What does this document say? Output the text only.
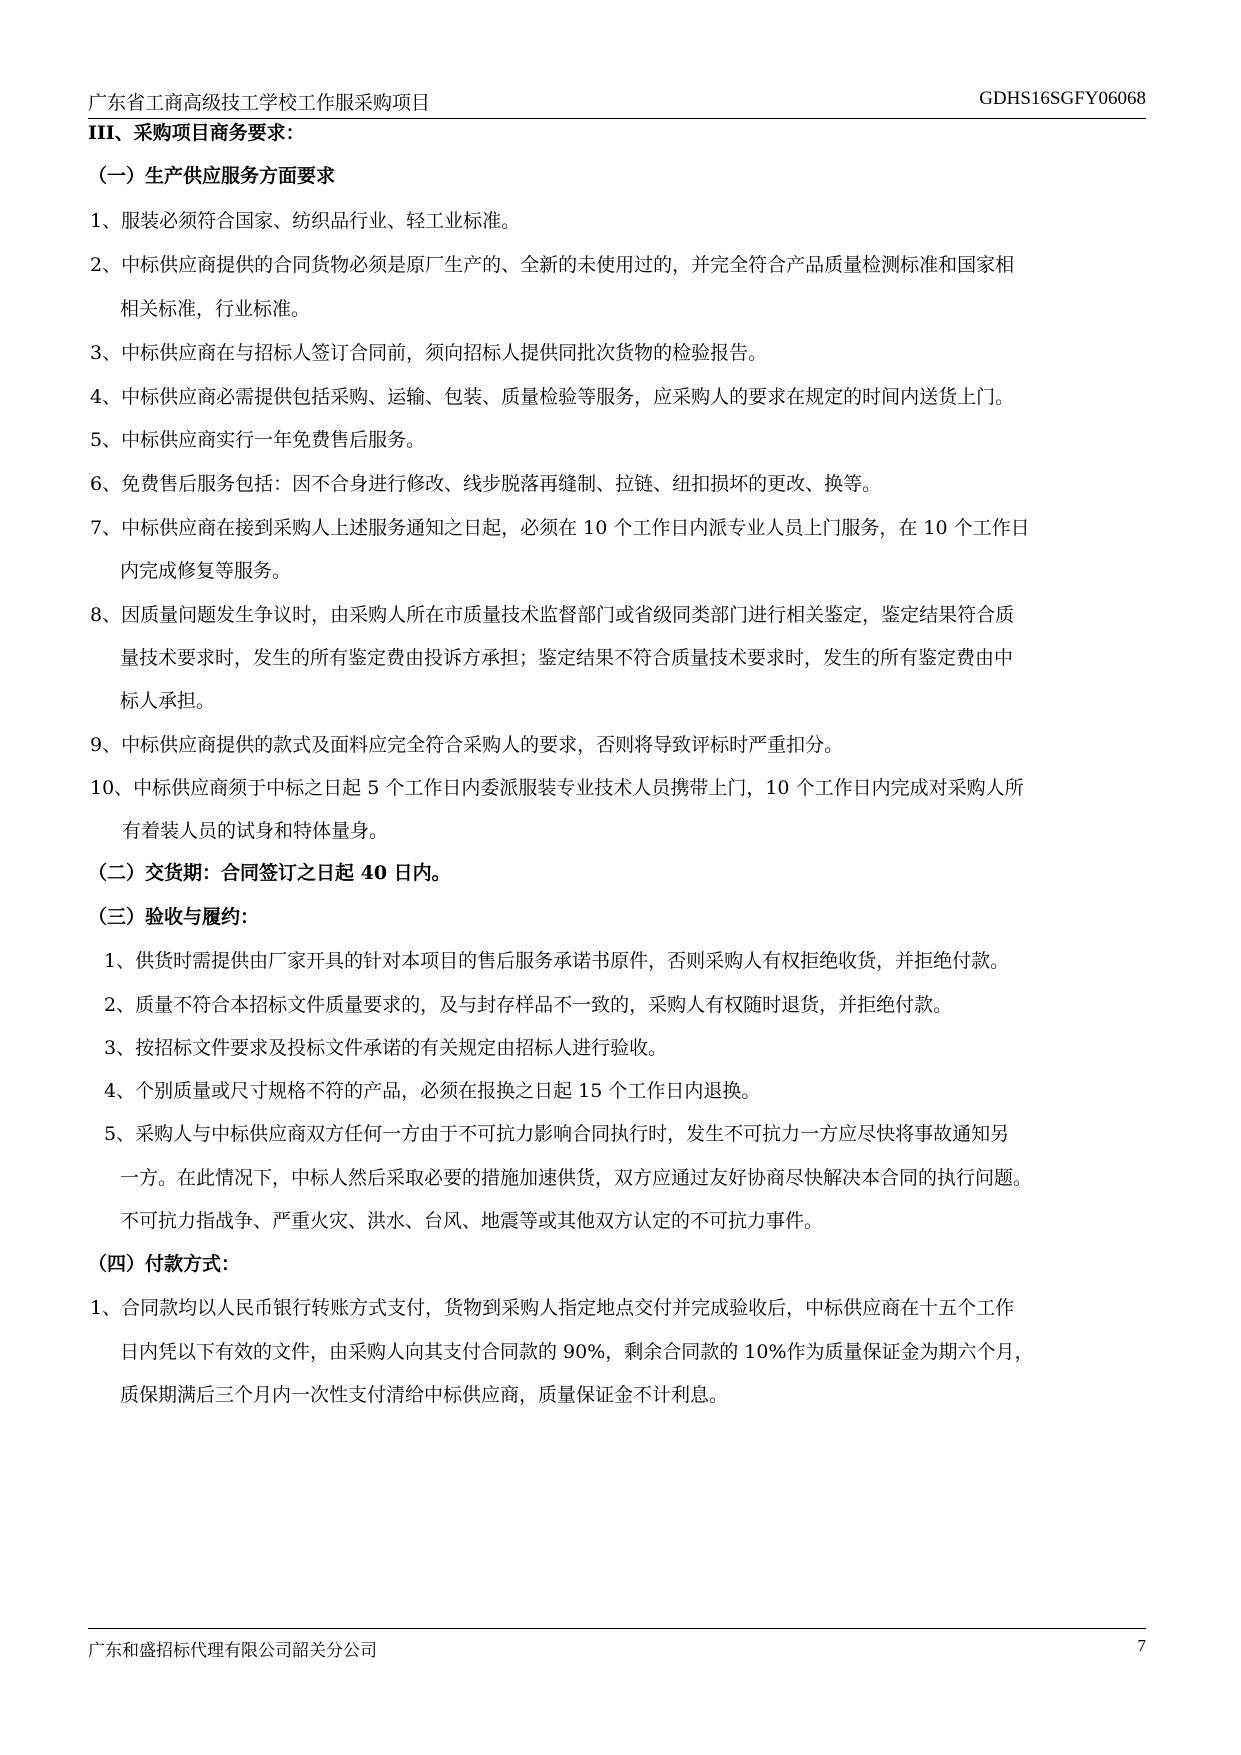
广东省工商高级技工学校工作服采购项目	GDHS16SGFY06068
III、采购项目商务要求：
（一）生产供应服务方面要求
1、服装必须符合国家、纺织品行业、轻工业标准。
2、中标供应商提供的合同货物必须是原厂生产的、全新的未使用过的，并完全符合产品质量检测标准和国家相
相关标准，行业标准。
3、中标供应商在与招标人签订合同前，须向招标人提供同批次货物的检验报告。
4、中标供应商必需提供包括采购、运输、包装、质量检验等服务，应采购人的要求在规定的时间内送货上门。
5、中标供应商实行一年免费售后服务。
6、免费售后服务包括：因不合身进行修改、线步脱落再缝制、拉链、纽扣损坏的更改、换等。
7、中标供应商在接到采购人上述服务通知之日起，必须在 10 个工作日内派专业人员上门服务，在 10 个工作日
内完成修复等服务。
8、因质量问题发生争议时，由采购人所在市质量技术监督部门或省级同类部门进行相关鉴定，鉴定结果符合质
量技术要求时，发生的所有鉴定费由投诉方承担；鉴定结果不符合质量技术要求时，发生的所有鉴定费由中
标人承担。
9、中标供应商提供的款式及面料应完全符合采购人的要求，否则将导致评标时严重扣分。
10、中标供应商须于中标之日起 5 个工作日内委派服装专业技术人员携带上门，10 个工作日内完成对采购人所
有着装人员的试身和特体量身。
（二）交货期：合同签订之日起 40 日内。
（三）验收与履约：
1、供货时需提供由厂家开具的针对本项目的售后服务承诺书原件，否则采购人有权拒绝收货，并拒绝付款。
2、质量不符合本招标文件质量要求的，及与封存样品不一致的，采购人有权随时退货，并拒绝付款。
3、按招标文件要求及投标文件承诺的有关规定由招标人进行验收。
4、个别质量或尺寸规格不符的产品，必须在报换之日起 15 个工作日内退换。
5、采购人与中标供应商双方任何一方由于不可抗力影响合同执行时，发生不可抗力一方应尽快将事故通知另
一方。在此情况下，中标人然后采取必要的措施加速供货，双方应通过友好协商尽快解决本合同的执行问题。
不可抗力指战争、严重火灾、洪水、台风、地震等或其他双方认定的不可抗力事件。
（四）付款方式：
1、合同款均以人民币银行转账方式支付，货物到采购人指定地点交付并完成验收后，中标供应商在十五个工作
日内凭以下有效的文件，由采购人向其支付合同款的 90%，剩余合同款的 10%作为质量保证金为期六个月，
质保期满后三个月内一次性支付清给中标供应商，质量保证金不计利息。
广东和盛招标代理有限公司韶关分公司	7
